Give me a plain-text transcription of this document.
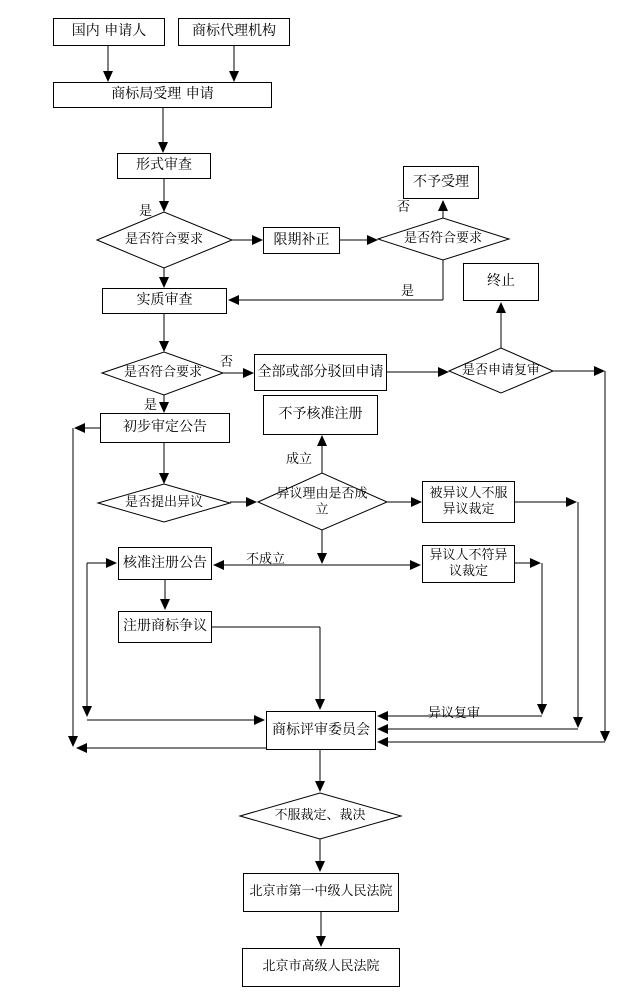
国内 申请人	商标代理机构
商标局受理 申请
形式审查
限期补正
不予受理
终止
实质审查
全部或部分驳回申请
初步审定公告
不予核准注册
被异议人不服异议裁定
异议人不符异议裁定
核准注册公告
注册商标争议
商标评审委员会
北京市第一中级人民法院
北京市高级人民法院
是否符合要求	是否符合要求
是否符合要求	是否申请复审
是否提出异议
异议理由是否成立
不服裁定、裁决
是	否
是
否
是
成立
不成立
异议复审
